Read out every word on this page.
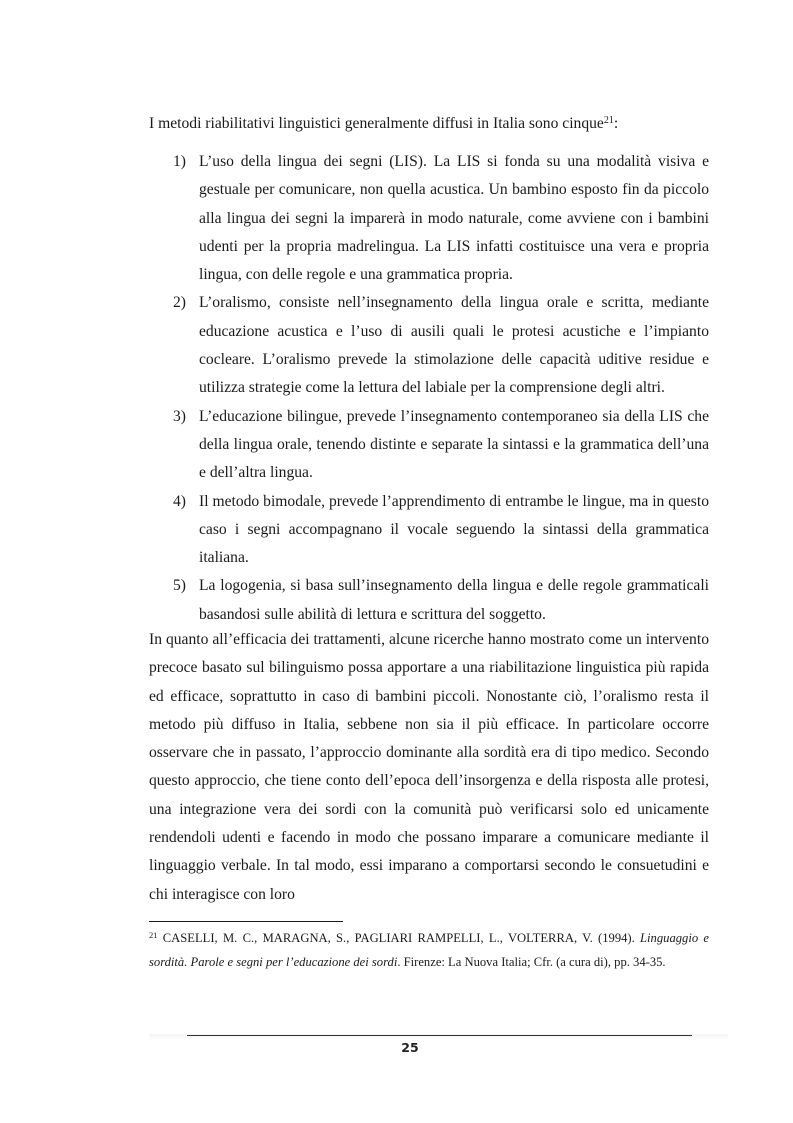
I metodi riabilitativi linguistici generalmente diffusi in Italia sono cinque$^{21}$:

1) L’uso della lingua dei segni (LIS). La LIS si fonda su una modalità visiva e gestuale per comunicare, non quella acustica. Un bambino esposto fin da piccolo alla lingua dei segni la imparerà in modo naturale, come avviene con i bambini udenti per la propria madrelingua. La LIS infatti costituisce una vera e propria lingua, con delle regole e una grammatica propria.
2) L’oralismo, consiste nell’insegnamento della lingua orale e scritta, mediante educazione acustica e l’uso di ausili quali le protesi acustiche e l’impianto cocleare. L’oralismo prevede la stimolazione delle capacità uditive residue e utilizza strategie come la lettura del labiale per la comprensione degli altri.
3) L’educazione bilingue, prevede l’insegnamento contemporaneo sia della LIS che della lingua orale, tenendo distinte e separate la sintassi e la grammatica dell’una e dell’altra lingua.
4) Il metodo bimodale, prevede l’apprendimento di entrambe le lingue, ma in questo caso i segni accompagnano il vocale seguendo la sintassi della grammatica italiana.
5) La logogenia, si basa sull’insegnamento della lingua e delle regole grammaticali basandosi sulle abilità di lettura e scrittura del soggetto.

In quanto all’efficacia dei trattamenti, alcune ricerche hanno mostrato come un intervento precoce basato sul bilinguismo possa apportare a una riabilitazione linguistica più rapida ed efficace, soprattutto in caso di bambini piccoli. Nonostante ciò, l’oralismo resta il metodo più diffuso in Italia, sebbene non sia il più efficace. In particolare occorre osservare che in passato, l’approccio dominante alla sordità era di tipo medico. Secondo questo approccio, che tiene conto dell’epoca dell’insorgenza e della risposta alle protesi, una integrazione vera dei sordi con la comunità può verificarsi solo ed unicamente rendendoli udenti e facendo in modo che possano imparare a comunicare mediante il linguaggio verbale. In tal modo, essi imparano a comportarsi secondo le consuetudini e chi interagisce con loro

$^{21}$ CASELLI, M. C., MARAGNA, S., PAGLIARI RAMPELLI, L., VOLTERRA, V. (1994). Linguaggio e sordità. Parole e segni per l’educazione dei sordi. Firenze: La Nuova Italia; Cfr. (a cura di), pp. 34-35.

25
